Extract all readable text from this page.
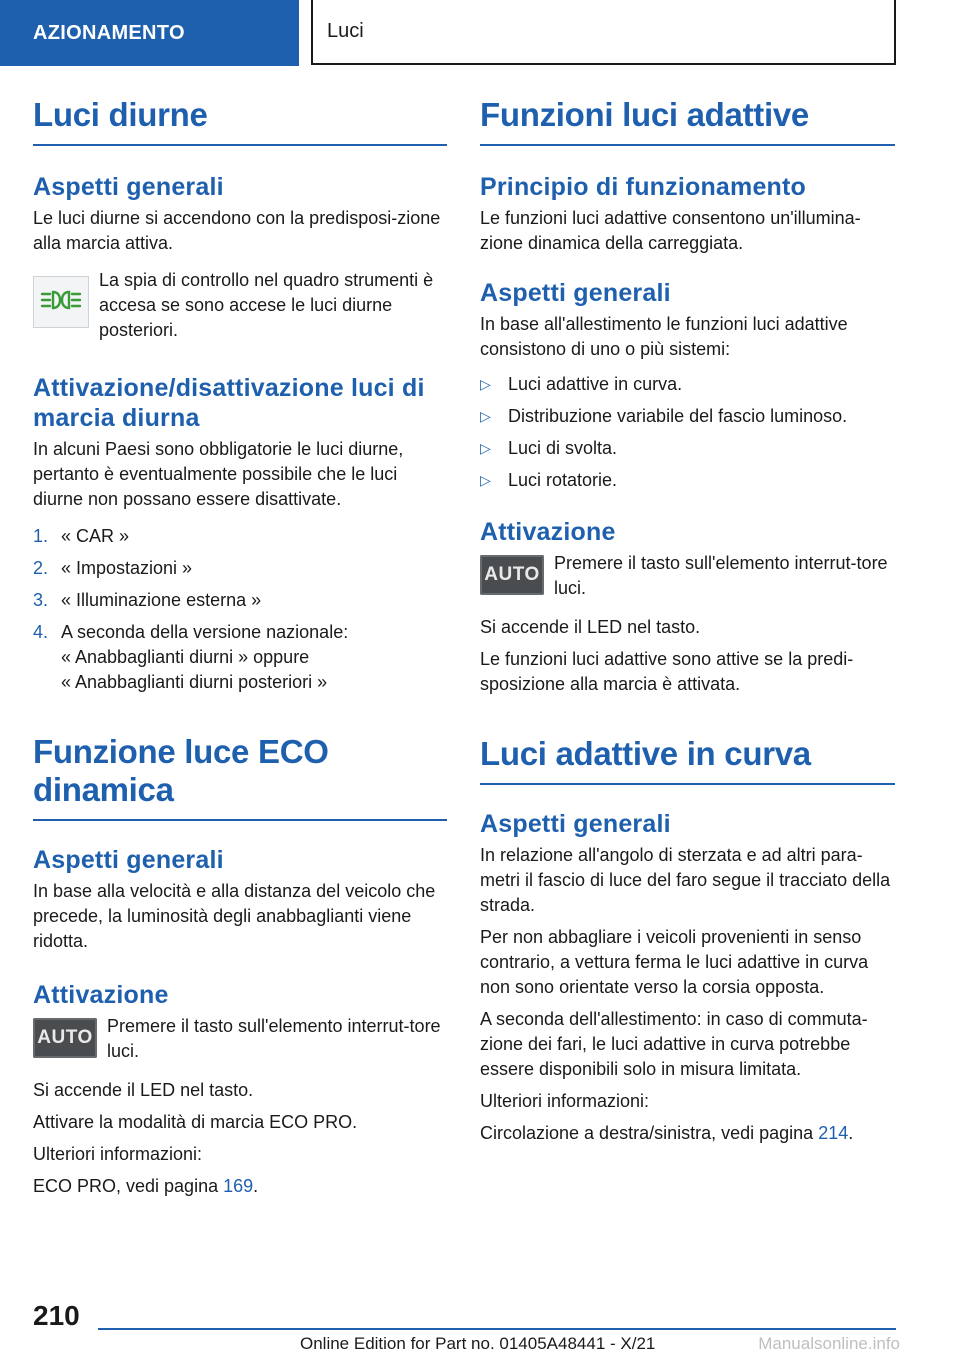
AZIONAMENTO	Luci
Luci diurne
Aspetti generali

Le luci diurne si accendono con la predisposi-zione alla marcia attiva.

La spia di controllo nel quadro strumenti è accesa se sono accese le luci diurne posteriori.
Attivazione/disattivazione luci di marcia diurna

In alcuni Paesi sono obbligatorie le luci diurne, pertanto è eventualmente possibile che le luci diurne non possano essere disattivate.

1. « CAR »
2. « Impostazioni »
3. « Illuminazione esterna »
4. A seconda della versione nazionale:
« Anabbaglianti diurni » oppure
« Anabbaglianti diurni posteriori »
Funzione luce ECO dinamica
Aspetti generali

In base alla velocità e alla distanza del veicolo che precede, la luminosità degli anabbaglianti viene ridotta.

Attivazione
AUTO
Premere il tasto sull'elemento interrut-tore luci.

Si accende il LED nel tasto.

Attivare la modalità di marcia ECO PRO.

Ulteriori informazioni:

ECO PRO, vedi pagina 169.

Funzioni luci adattive
Principio di funzionamento

Le funzioni luci adattive consentono un'illumina-zione dinamica della carreggiata.

Aspetti generali

In base all'allestimento le funzioni luci adattive consistono di uno o più sistemi:

▷ Luci adattive in curva.
▷ Distribuzione variabile del fascio luminoso.
▷ Luci di svolta.
▷ Luci rotatorie.
Attivazione
AUTO
Premere il tasto sull'elemento interrut-tore luci.

Si accende il LED nel tasto.

Le funzioni luci adattive sono attive se la predi-sposizione alla marcia è attivata.

Luci adattive in curva
Aspetti generali

In relazione all'angolo di sterzata e ad altri para-metri il fascio di luce del faro segue il tracciato della strada.

Per non abbagliare i veicoli provenienti in senso contrario, a vettura ferma le luci adattive in curva non sono orientate verso la corsia opposta.

A seconda dell'allestimento: in caso di commuta-zione dei fari, le luci adattive in curva potrebbe essere disponibili solo in misura limitata.

Ulteriori informazioni:

Circolazione a destra/sinistra, vedi pagina 214.

210
Online Edition for Part no. 01405A48441 - X/21	Manualsonline.info
